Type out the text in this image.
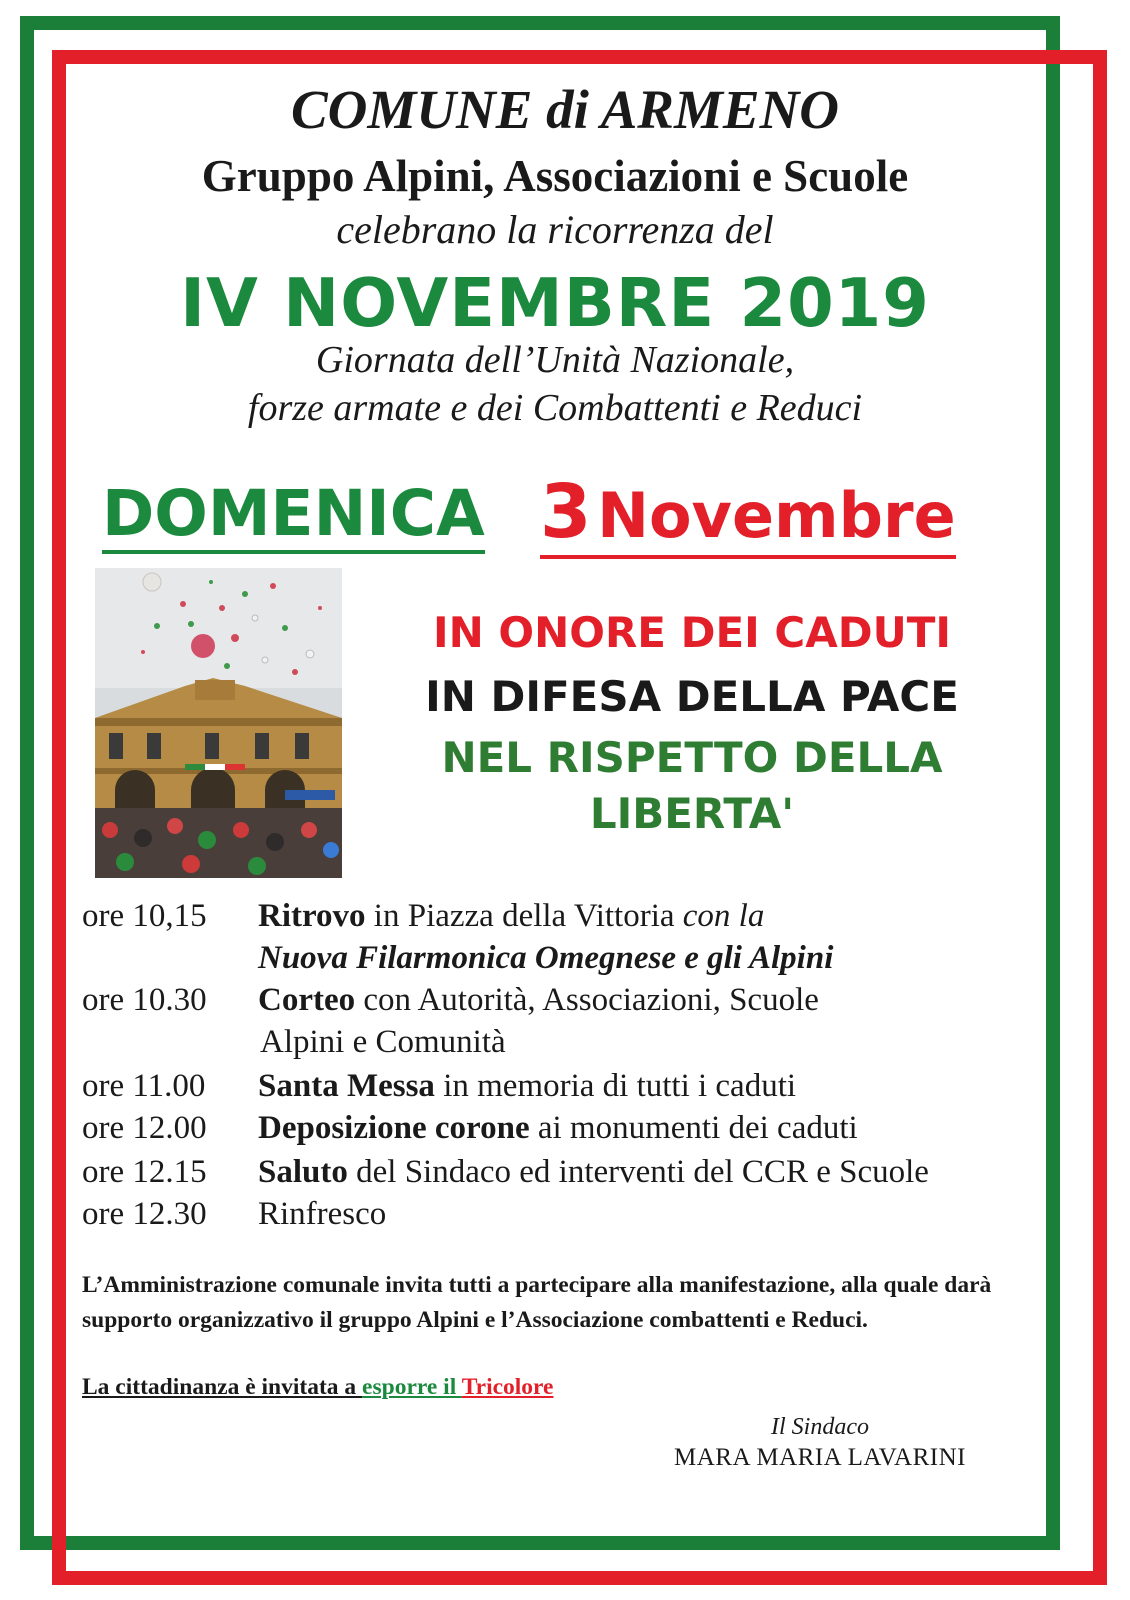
COMUNE di ARMENO
Gruppo Alpini, Associazioni e Scuole
celebrano la ricorrenza del
IV NOVEMBRE 2019
Giornata dell’Unità Nazionale,
forze armate e dei Combattenti e Reduci
DOMENICA 3 Novembre
IN ONORE DEI CADUTI
IN DIFESA DELLA PACE
NEL RISPETTO DELLA
LIBERTA'
ore 10,15	Ritrovo in Piazza della Vittoria con la
Nuova Filarmonica Omegnese e gli Alpini
ore 10.30	Corteo con Autorità, Associazioni, Scuole
Alpini e Comunità
ore 11.00	Santa Messa in memoria di tutti i caduti
ore 12.00	Deposizione corone ai monumenti dei caduti
ore 12.15	Saluto del Sindaco ed interventi del CCR e Scuole
ore 12.30	Rinfresco
L’Amministrazione comunale invita tutti a partecipare alla manifestazione, alla quale darà supporto organizzativo il gruppo Alpini e l’Associazione combattenti e Reduci.
La cittadinanza è invitata a esporre il Tricolore
Il Sindaco
MARA MARIA LAVARINI
